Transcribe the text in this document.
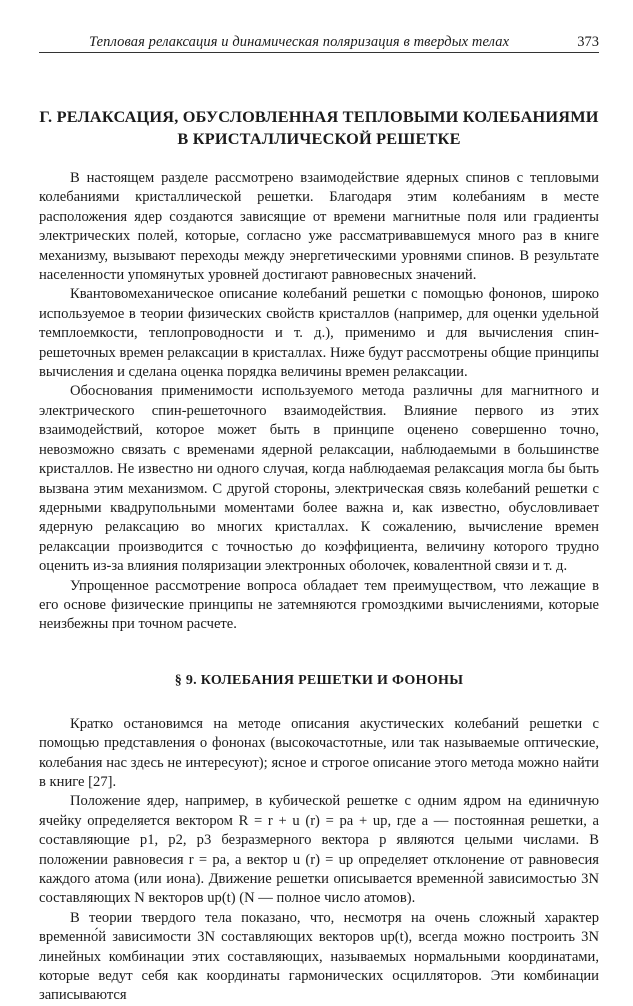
Тепловая релаксация и динамическая поляризация в твердых телах	373
Г. РЕЛАКСАЦИЯ, ОБУСЛОВЛЕННАЯ ТЕПЛОВЫМИ КОЛЕБАНИЯМИ
В КРИСТАЛЛИЧЕСКОЙ РЕШЕТКЕ

В настоящем разделе рассмотрено взаимодействие ядерных спинов с тепловыми колебаниями кристаллической решетки. Благодаря этим колебаниям в месте расположения ядер создаются зависящие от времени магнитные поля или градиенты электрических полей, которые, согласно уже рассматривавшемуся много раз в книге механизму, вызывают переходы между энергетическими уровнями спинов. В результате населенности упомянутых уровней достигают равновесных значений.

Квантовомеханическое описание колебаний решетки с помощью фононов, широко используемое в теории физических свойств кристаллов (например, для оценки удельной темплоемкости, теплопроводности и т. д.), применимо и для вычисления спин-решеточных времен релаксации в кристаллах. Ниже будут рассмотрены общие принципы вычисления и сделана оценка порядка величины времен релаксации.

Обоснования применимости используемого метода различны для магнитного и электрического спин-решеточного взаимодействия. Влияние первого из этих взаимодействий, которое может быть в принципе оценено совершенно точно, невозможно связать с временами ядерной релаксации, наблюдаемыми в большинстве кристаллов. Не известно ни одного случая, когда наблюдаемая релаксация могла бы быть вызвана этим механизмом. С другой стороны, электрическая связь колебаний решетки с ядерными квадрупольными моментами более важна и, как известно, обусловливает ядерную релаксацию во многих кристаллах. К сожалению, вычисление времен релаксации производится с точностью до коэффициента, величину которого трудно оценить из-за влияния поляризации электронных оболочек, ковалентной связи и т. д.

Упрощенное рассмотрение вопроса обладает тем преимуществом, что лежащие в его основе физические принципы не затемняются громоздкими вычислениями, которые неизбежны при точном расчете.

§ 9. КОЛЕБАНИЯ РЕШЕТКИ И ФОНОНЫ

Кратко остановимся на методе описания акустических колебаний решетки с помощью представления о фононах (высокочастотные, или так называемые оптические, колебания нас здесь не интересуют); ясное и строгое описание этого метода можно найти в книге [27].

Положение ядер, например, в кубической решетке с одним ядром на единичную ячейку определяется вектором R = r + u (r) = pa + up, где a — постоянная решетки, а составляющие p1, p2, p3 безразмерного вектора p являются целыми числами. В положении равновесия r = pa, а вектор u (r) = up определяет отклонение от равновесия каждого атома (или иона). Движение решетки описывается временно́й зависимостью 3N составляющих N векторов up(t) (N — полное число атомов).

В теории твердого тела показано, что, несмотря на очень сложный характер временно́й зависимости 3N составляющих векторов up(t), всегда можно построить 3N линейных комбинации этих составляющих, называемых нормальными координатами, которые ведут себя как координаты гармонических осцилляторов. Эти комбинации записываются
